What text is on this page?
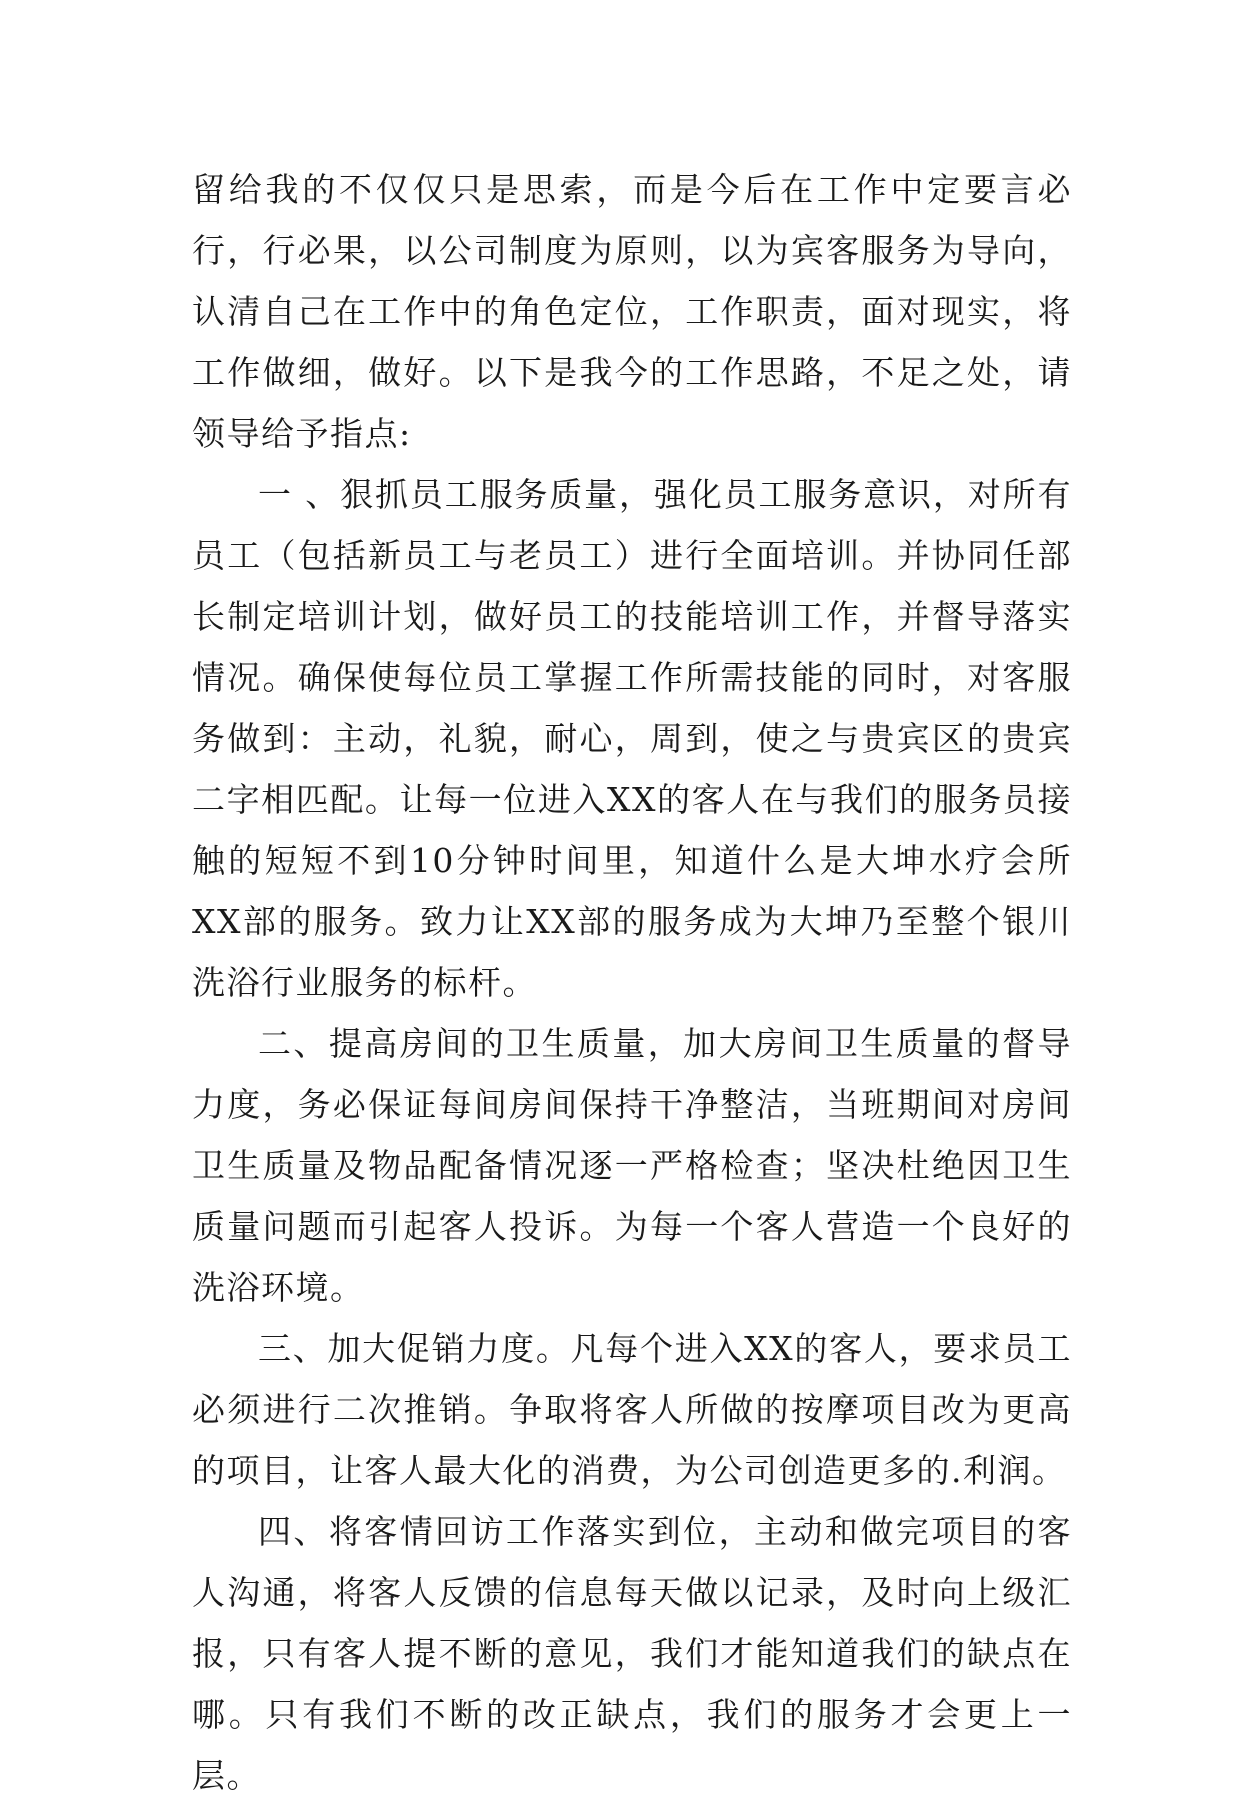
留给我的不仅仅只是思索，而是今后在工作中定要言必行，行必果，以公司制度为原则，以为宾客服务为导向，认清自己在工作中的角色定位，工作职责，面对现实，将工作做细，做好。以下是我今的工作思路，不足之处，请领导给予指点:

一 、狠抓员工服务质量，强化员工服务意识，对所有员工（包括新员工与老员工）进行全面培训。并协同任部长制定培训计划，做好员工的技能培训工作，并督导落实情况。确保使每位员工掌握工作所需技能的同时，对客服务做到：主动，礼貌，耐心，周到，使之与贵宾区的贵宾二字相匹配。让每一位进入XX的客人在与我们的服务员接触的短短不到10分钟时间里，知道什么是大坤水疗会所XX部的服务。致力让XX部的服务成为大坤乃至整个银川洗浴行业服务的标杆。

二、提高房间的卫生质量，加大房间卫生质量的督导力度，务必保证每间房间保持干净整洁，当班期间对房间卫生质量及物品配备情况逐一严格检查；坚决杜绝因卫生质量问题而引起客人投诉。为每一个客人营造一个良好的洗浴环境。

三、加大促销力度。凡每个进入XX的客人，要求员工必须进行二次推销。争取将客人所做的按摩项目改为更高的项目，让客人最大化的消费，为公司创造更多的.利润。

四、将客情回访工作落实到位，主动和做完项目的客人沟通，将客人反馈的信息每天做以记录，及时向上级汇报，只有客人提不断的意见，我们才能知道我们的缺点在哪。只有我们不断的改正缺点，我们的服务才会更上一层。
